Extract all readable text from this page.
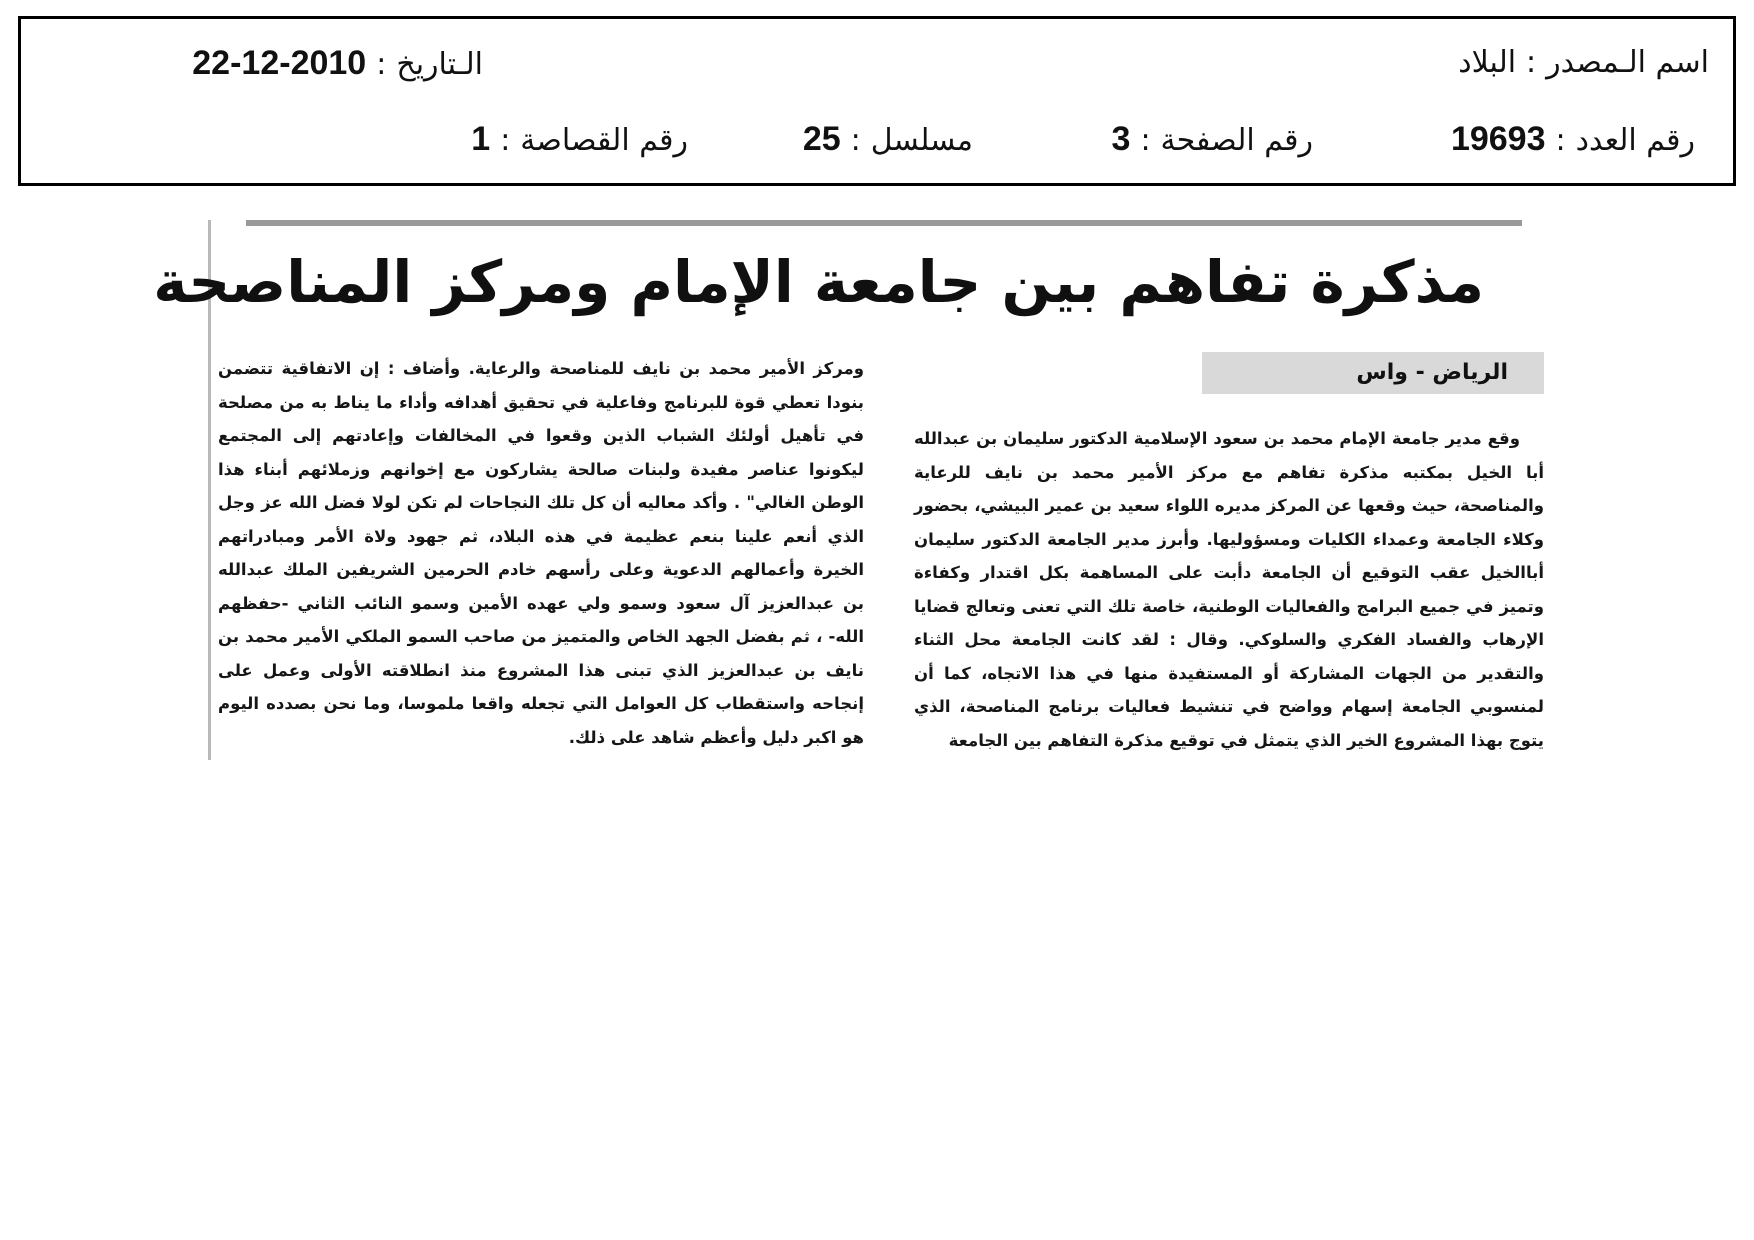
اسم الـمصدر:البلاد
الـتاريخ:2010-12-22
رقم العدد:19693
رقم الصفحة:3
مسلسل:25
رقم القصاصة:1
مذكرة تفاهم بين جامعة الإمام ومركز المناصحة
الرياض - واس
وقع مدير جامعة الإمام محمد بن سعود الإسلامية الدكتور سليمان بن عبدالله أبا الخيل بمكتبه مذكرة تفاهم مع مركز الأمير محمد بن نايف للرعاية والمناصحة، حيث وقعها عن المركز مديره اللواء سعيد بن عمير البيشي، بحضور وكلاء الجامعة وعمداء الكليات ومسؤوليها. وأبرز مدير الجامعة الدكتور سليمان أباالخيل عقب التوقيع أن الجامعة دأبت على المساهمة بكل اقتدار وكفاءة وتميز في جميع البرامج والفعاليات الوطنية، خاصة تلك التي تعنى وتعالج قضايا الإرهاب والفساد الفكري والسلوكي. وقال : لقد كانت الجامعة محل الثناء والتقدير من الجهات المشاركة أو المستفيدة منها في هذا الاتجاه، كما أن لمنسوبي الجامعة إسهام وواضح في تنشيط فعاليات برنامج المناصحة، الذي يتوج بهذا المشروع الخير الذي يتمثل في توقيع مذكرة التفاهم بين الجامعة
ومركز الأمير محمد بن نايف للمناصحة والرعاية. وأضاف : إن الاتفاقية تتضمن بنودا تعطي قوة للبرنامج وفاعلية في تحقيق أهدافه وأداء ما يناط به من مصلحة في تأهيل أولئك الشباب الذين وقعوا في المخالفات وإعادتهم إلى المجتمع ليكونوا عناصر مفيدة ولبنات صالحة يشاركون مع إخوانهم وزملائهم أبناء هذا الوطن الغالي" . وأكد معاليه أن كل تلك النجاحات لم تكن لولا فضل الله عز وجل الذي أنعم علينا بنعم عظيمة في هذه البلاد، ثم جهود ولاة الأمر ومبادراتهم الخيرة وأعمالهم الدعوية وعلى رأسهم خادم الحرمين الشريفين الملك عبدالله بن عبدالعزيز آل سعود وسمو ولي عهده الأمين وسمو النائب الثاني -حفظهم الله- ، ثم بفضل الجهد الخاص والمتميز من صاحب السمو الملكي الأمير محمد بن نايف بن عبدالعزيز الذي تبنى هذا المشروع منذ انطلاقته الأولى وعمل على إنجاحه واستقطاب كل العوامل التي تجعله واقعا ملموسا، وما نحن بصدده اليوم هو اكبر دليل وأعظم شاهد على ذلك.
